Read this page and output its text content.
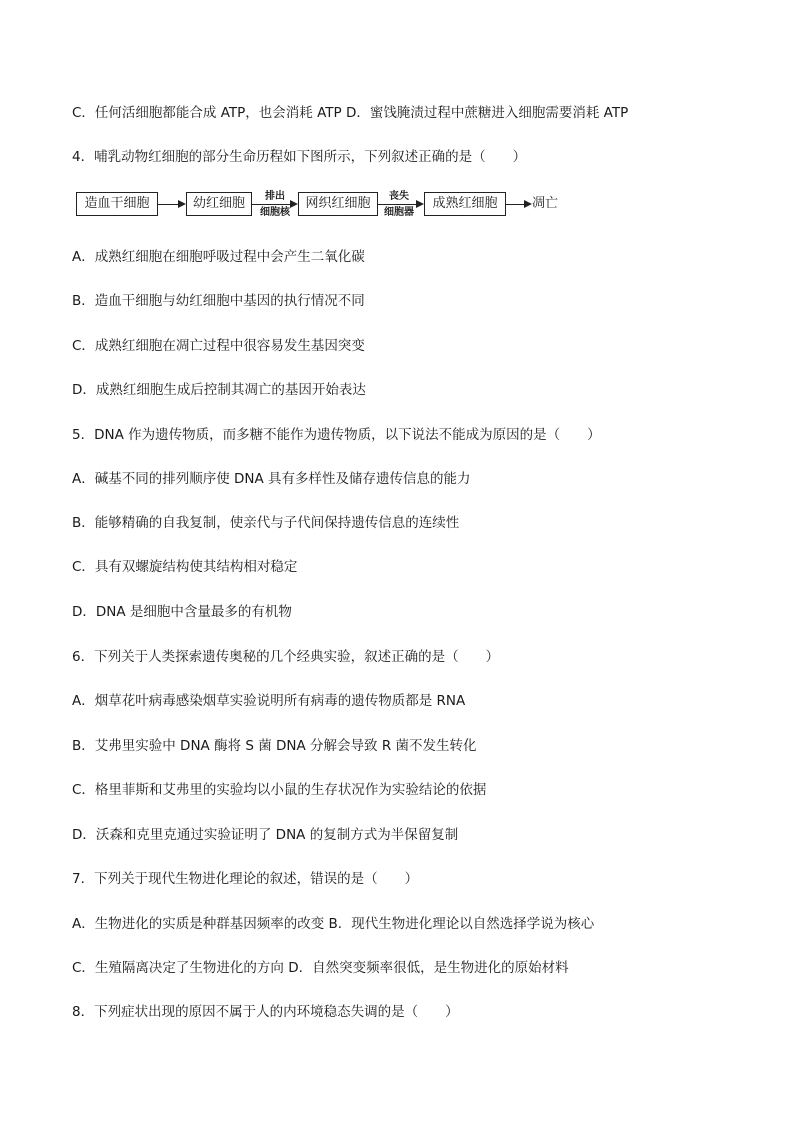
C．任何活细胞都能合成 ATP，也会消耗 ATP D．蜜饯腌渍过程中蔗糖进入细胞需要消耗 ATP
4．哺乳动物红细胞的部分生命历程如下图所示，下列叙述正确的是（　　）
造血干细胞	幼红细胞	排出
细胞核
网织红细胞	丧失
细胞器
成熟红细胞	凋亡
A．成熟红细胞在细胞呼吸过程中会产生二氧化碳
B．造血干细胞与幼红细胞中基因的执行情况不同
C．成熟红细胞在凋亡过程中很容易发生基因突变
D．成熟红细胞生成后控制其凋亡的基因开始表达
5．DNA 作为遗传物质，而多糖不能作为遗传物质，以下说法不能成为原因的是（　　）
A．碱基不同的排列顺序使 DNA 具有多样性及储存遗传信息的能力
B．能够精确的自我复制，使亲代与子代间保持遗传信息的连续性
C．具有双螺旋结构使其结构相对稳定
D．DNA 是细胞中含量最多的有机物
6．下列关于人类探索遗传奥秘的几个经典实验，叙述正确的是（　　）
A．烟草花叶病毒感染烟草实验说明所有病毒的遗传物质都是 RNA
B．艾弗里实验中 DNA 酶将 S 菌 DNA 分解会导致 R 菌不发生转化
C．格里菲斯和艾弗里的实验均以小鼠的生存状况作为实验结论的依据
D．沃森和克里克通过实验证明了 DNA 的复制方式为半保留复制
7．下列关于现代生物进化理论的叙述，错误的是（　　）
A．生物进化的实质是种群基因频率的改变 B．现代生物进化理论以自然选择学说为核心
C．生殖隔离决定了生物进化的方向 D．自然突变频率很低，是生物进化的原始材料
8．下列症状出现的原因不属于人的内环境稳态失调的是（　　）
